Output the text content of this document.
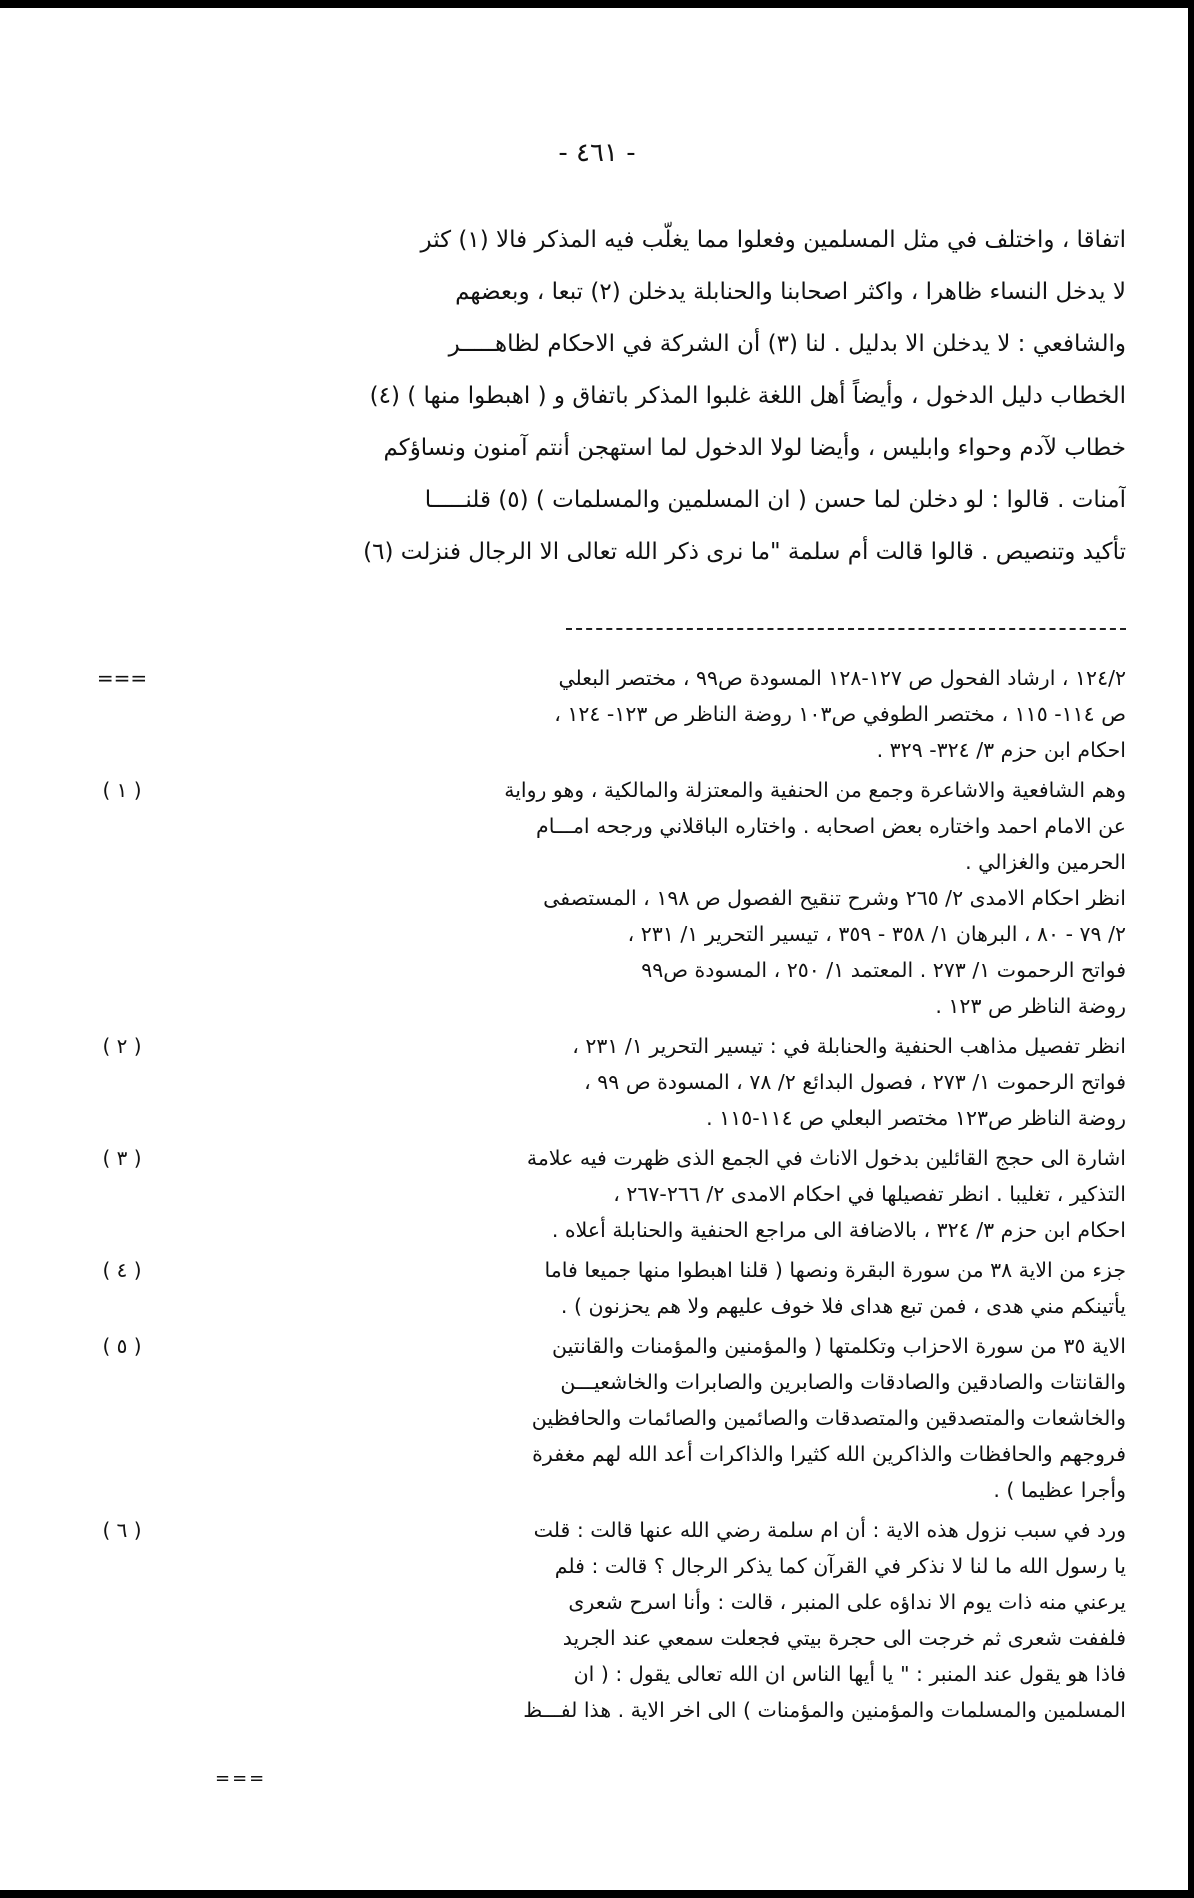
- ٤٦١ -
اتفاقا ، واختلف في مثل المسلمين وفعلوا مما يغلّب فيه المذكر فالا (١) كثر
لا يدخل النساء ظاهرا ، واكثر اصحابنا والحنابلة يدخلن (٢) تبعا ، وبعضهم
والشافعي : لا يدخلن الا بدليل . لنا (٣) أن الشركة في الاحكام لظاهـــــر
الخطاب دليل الدخول ، وأيضاً أهل اللغة غلبوا المذكر باتفاق و ( اهبطوا منها ) (٤)
خطاب لآدم وحواء وابليس ، وأيضا لولا الدخول لما استهجن أنتم آمنون ونساؤكم
آمنات . قالوا : لو دخلن لما حسن ( ان المسلمين والمسلمات ) (٥) قلنـــــا
تأكيد وتنصيص . قالوا قالت أم سلمة "ما نرى ذكر الله تعالى الا الرجال فنزلت (٦)
١٢٤/٢ ، ارشاد الفحول ص ١٢٧-١٢٨ المسودة ص٩٩ ، مختصر البعلي
ص ١١٤- ١١٥ ، مختصر الطوفي ص١٠٣ روضة الناظر ص ١٢٣- ١٢٤ ،
احكام ابن حزم ٣/ ٣٢٤- ٣٢٩ .
===
وهم الشافعية والاشاعرة وجمع من الحنفية والمعتزلة والمالكية ، وهو رواية
عن الامام احمد واختاره بعض اصحابه . واختاره الباقلاني ورجحه امـــام
الحرمين والغزالي .
انظر احكام الامدى ٢/ ٢٦٥ وشرح تنقيح الفصول ص ١٩٨ ، المستصفى
٢/ ٧٩ - ٨٠ ، البرهان ١/ ٣٥٨ - ٣٥٩ ، تيسير التحرير ١/ ٢٣١ ،
فواتح الرحموت ١/ ٢٧٣ . المعتمد ١/ ٢٥٠ ، المسودة ص٩٩
روضة الناظر ص ١٢٣ .
( ١ )
انظر تفصيل مذاهب الحنفية والحنابلة في : تيسير التحرير ١/ ٢٣١ ،
فواتح الرحموت ١/ ٢٧٣ ، فصول البدائع ٢/ ٧٨ ، المسودة ص ٩٩ ،
روضة الناظر ص١٢٣ مختصر البعلي ص ١١٤-١١٥ .
( ٢ )
اشارة الى حجج القائلين بدخول الاناث في الجمع الذى ظهرت فيه علامة
التذكير ، تغليبا . انظر تفصيلها في احكام الامدى ٢/ ٢٦٦-٢٦٧ ،
احكام ابن حزم ٣/ ٣٢٤ ، بالاضافة الى مراجع الحنفية والحنابلة أعلاه .
( ٣ )
جزء من الاية ٣٨ من سورة البقرة ونصها ( قلنا اهبطوا منها جميعا فاما
يأتينكم مني هدى ، فمن تبع هداى فلا خوف عليهم ولا هم يحزنون ) .
( ٤ )
الاية ٣٥ من سورة الاحزاب وتكلمتها ( والمؤمنين والمؤمنات والقانتين
والقانتات والصادقين والصادقات والصابرين والصابرات والخاشعيـــن
والخاشعات والمتصدقين والمتصدقات والصائمين والصائمات والحافظين
فروجهم والحافظات والذاكرين الله كثيرا والذاكرات أعد الله لهم مغفرة
وأجرا عظيما ) .
( ٥ )
ورد في سبب نزول هذه الاية : أن ام سلمة رضي الله عنها قالت : قلت
يا رسول الله ما لنا لا نذكر في القرآن كما يذكر الرجال ؟ قالت : فلم
يرعني منه ذات يوم الا نداؤه على المنبر ، قالت : وأنا اسرح شعرى
فلففت شعرى ثم خرجت الى حجرة بيتي فجعلت سمعي عند الجريد
فاذا هو يقول عند المنبر : " يا أيها الناس ان الله تعالى يقول : ( ان
المسلمين والمسلمات والمؤمنين والمؤمنات ) الى اخر الاية . هذا لفـــظ
( ٦ )
===
